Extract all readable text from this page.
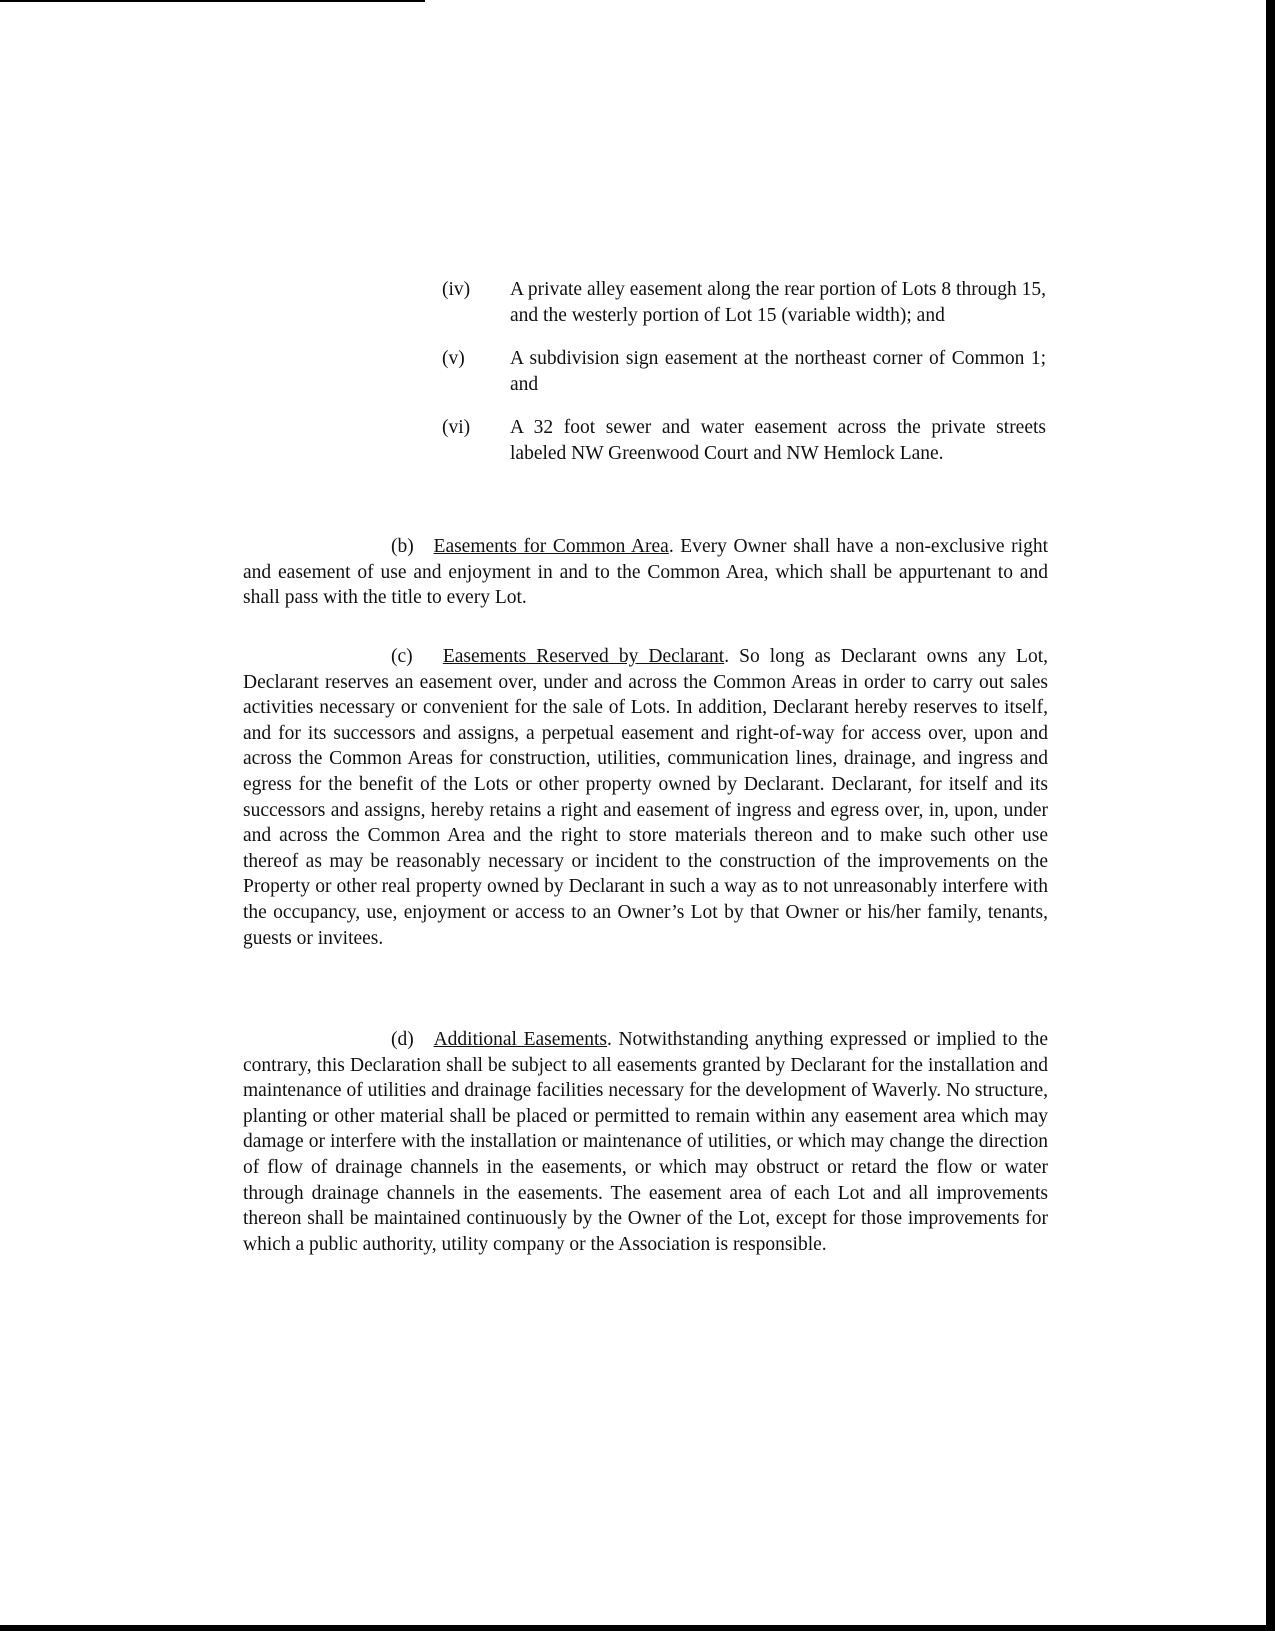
(iv)	A private alley easement along the rear portion of Lots 8 through 15, and the westerly portion of Lot 15 (variable width); and
(v)	A subdivision sign easement at the northeast corner of Common 1; and
(vi)	A 32 foot sewer and water easement across the private streets labeled NW Greenwood Court and NW Hemlock Lane.

(b) Easements for Common Area. Every Owner shall have a non-exclusive right and easement of use and enjoyment in and to the Common Area, which shall be appurtenant to and shall pass with the title to every Lot.

(c) Easements Reserved by Declarant. So long as Declarant owns any Lot, Declarant reserves an easement over, under and across the Common Areas in order to carry out sales activities necessary or convenient for the sale of Lots. In addition, Declarant hereby reserves to itself, and for its successors and assigns, a perpetual easement and right-of-way for access over, upon and across the Common Areas for construction, utilities, communication lines, drainage, and ingress and egress for the benefit of the Lots or other property owned by Declarant. Declarant, for itself and its successors and assigns, hereby retains a right and easement of ingress and egress over, in, upon, under and across the Common Area and the right to store materials thereon and to make such other use thereof as may be reasonably necessary or incident to the construction of the improvements on the Property or other real property owned by Declarant in such a way as to not unreasonably interfere with the occupancy, use, enjoyment or access to an Owner’s Lot by that Owner or his/her family, tenants, guests or invitees.

(d) Additional Easements. Notwithstanding anything expressed or implied to the contrary, this Declaration shall be subject to all easements granted by Declarant for the installation and maintenance of utilities and drainage facilities necessary for the development of Waverly. No structure, planting or other material shall be placed or permitted to remain within any easement area which may damage or interfere with the installation or maintenance of utilities, or which may change the direction of flow of drainage channels in the easements, or which may obstruct or retard the flow or water through drainage channels in the easements. The easement area of each Lot and all improvements thereon shall be maintained continuously by the Owner of the Lot, except for those improvements for which a public authority, utility company or the Association is responsible.
